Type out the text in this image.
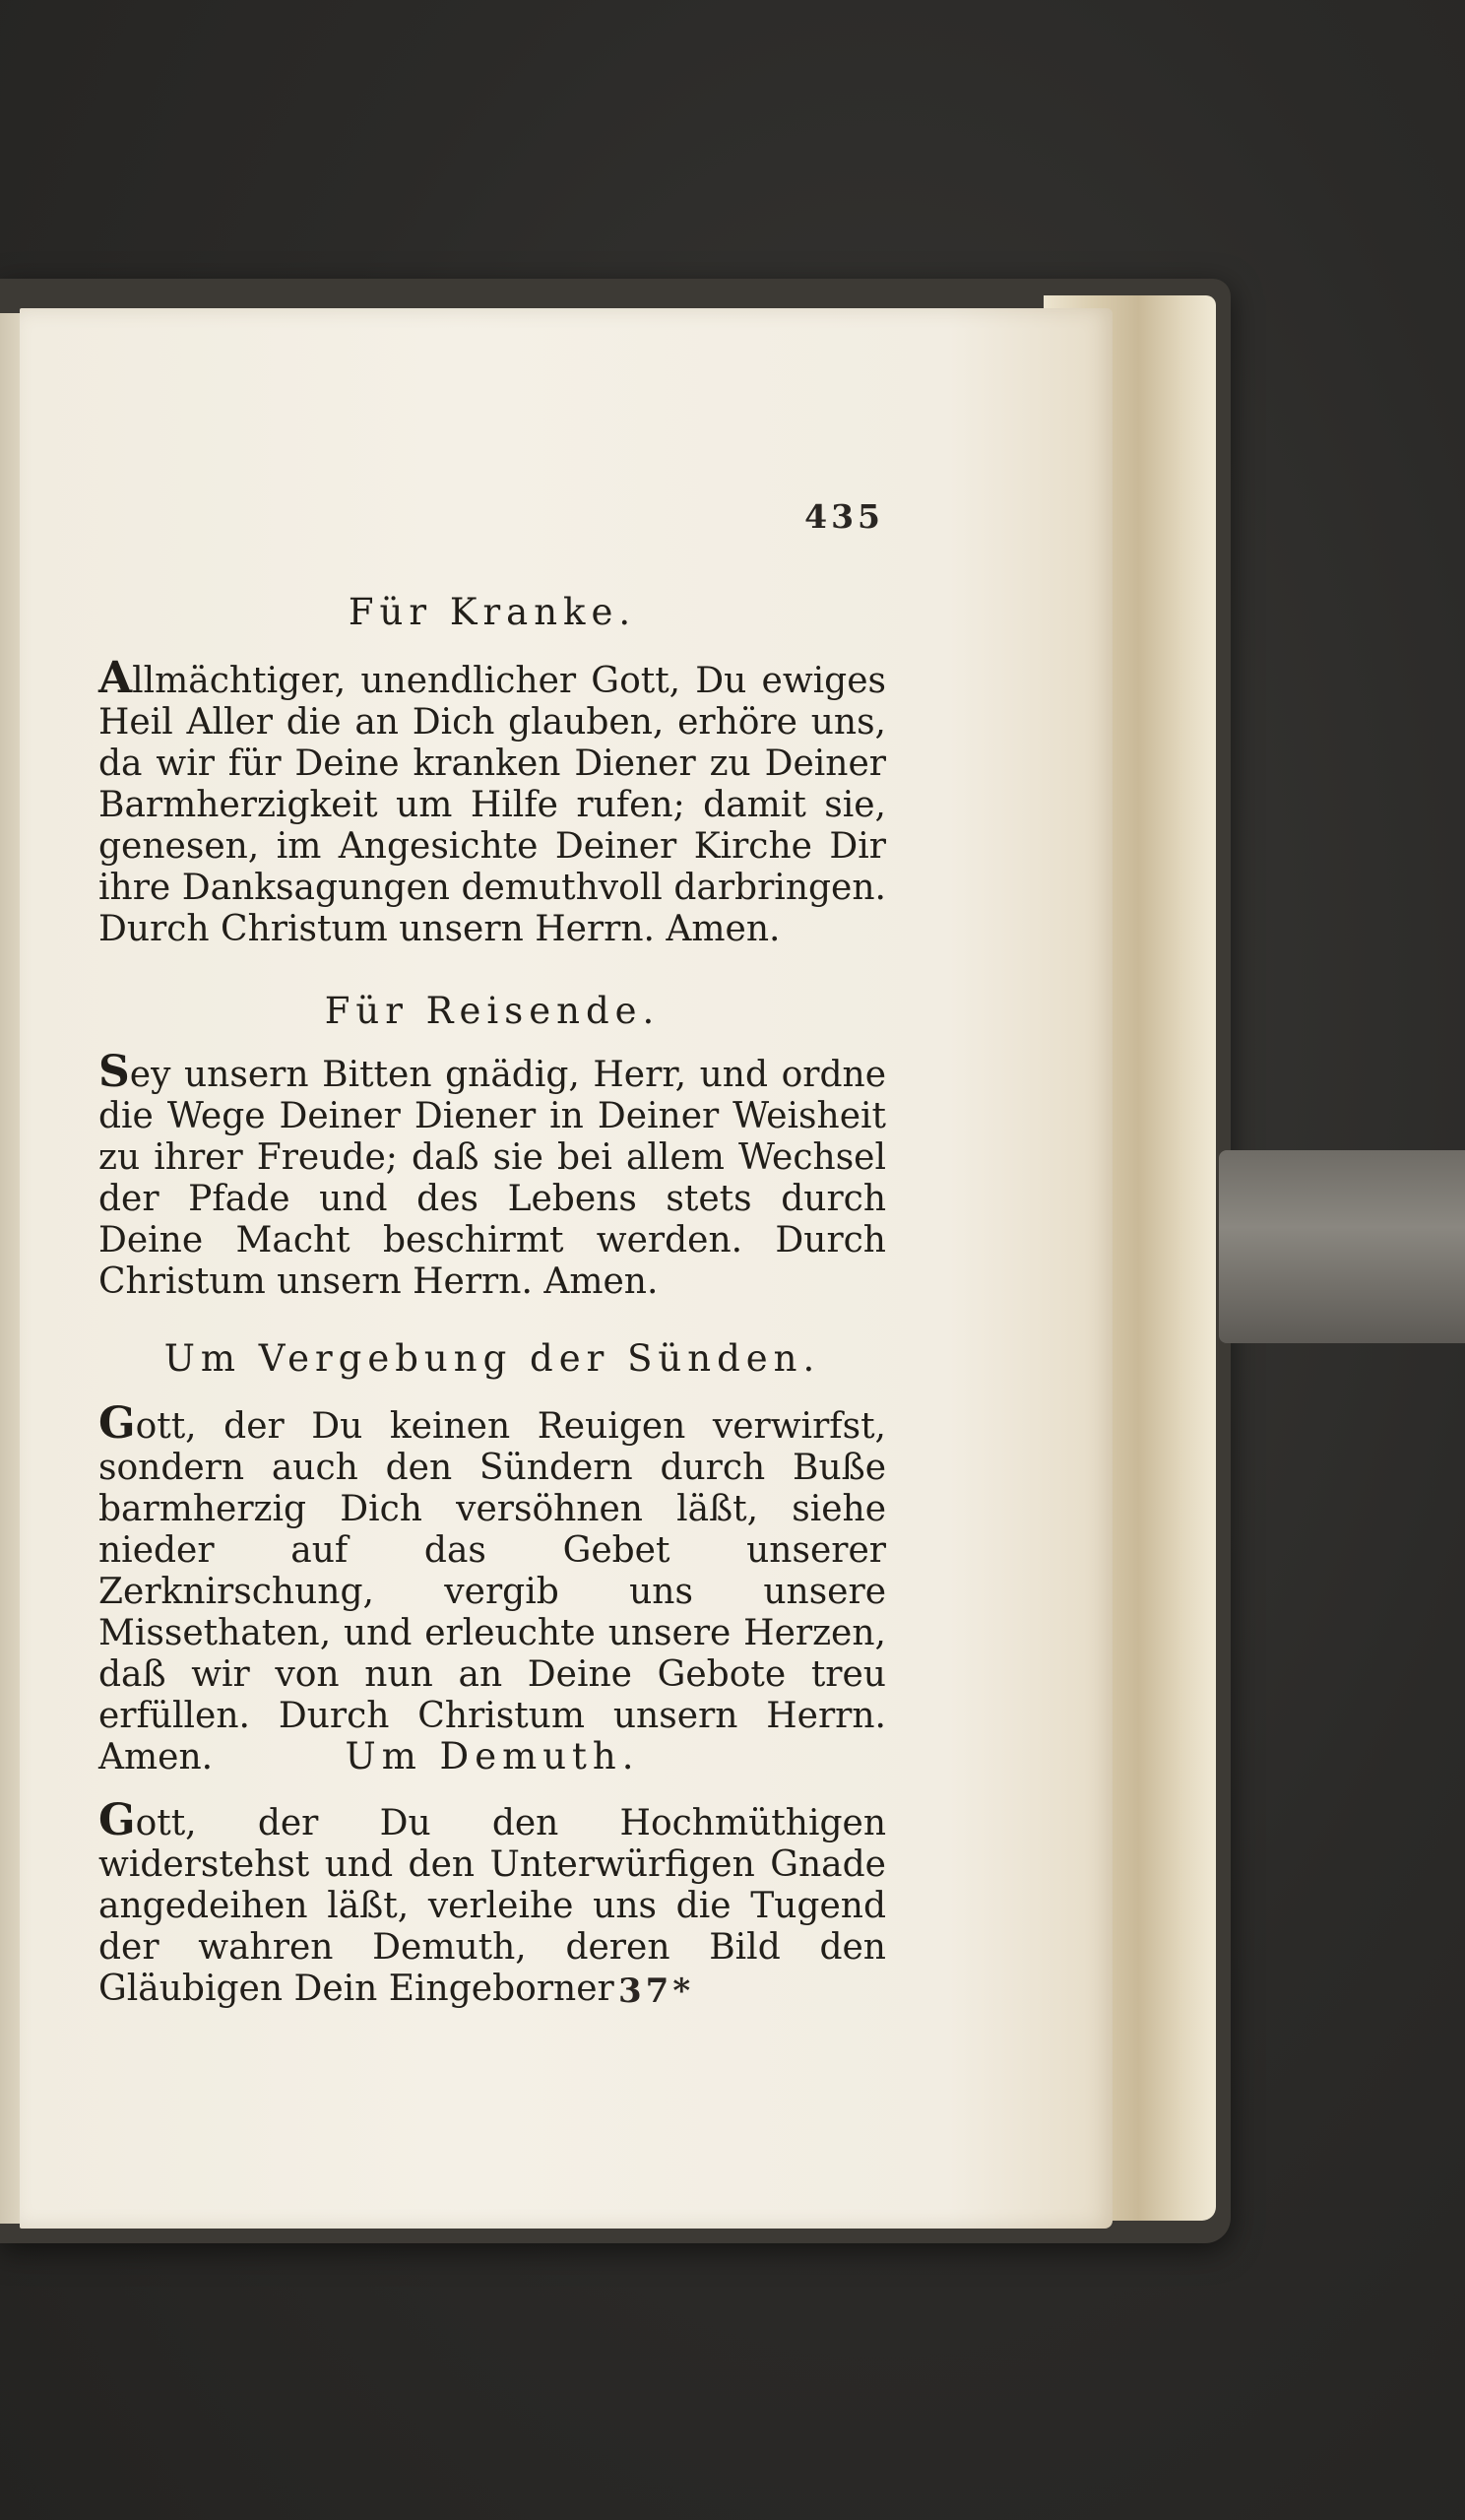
435
Für Kranke.
Allmächtiger, unendlicher Gott, Du ewiges Heil Aller die an Dich glauben, erhöre uns, da wir für Deine kranken Diener zu Deiner Barmherzigkeit um Hilfe rufen; damit sie, genesen, im Angesichte Deiner Kirche Dir ihre Danksagungen demuthvoll darbringen. Durch Christum unsern Herrn. Amen.
Für Reisende.
Sey unsern Bitten gnädig, Herr, und ordne die Wege Deiner Diener in Deiner Weisheit zu ihrer Freude; daß sie bei allem Wechsel der Pfade und des Lebens stets durch Deine Macht beschirmt werden. Durch Christum unsern Herrn. Amen.
Um Vergebung der Sünden.
Gott, der Du keinen Reuigen verwirfst, sondern auch den Sündern durch Buße barmherzig Dich versöhnen läßt, siehe nieder auf das Gebet unserer Zerknirschung, vergib uns unsere Missethaten, und erleuchte unsere Herzen, daß wir von nun an Deine Gebote treu erfüllen. Durch Christum unsern Herrn. Amen.	Um Demuth.
Gott, der Du den Hochmüthigen widerstehst und den Unterwürfigen Gnade angedeihen läßt, verleihe uns die Tugend der wahren Demuth, deren Bild den Gläubigen Dein Eingeborner 37*
